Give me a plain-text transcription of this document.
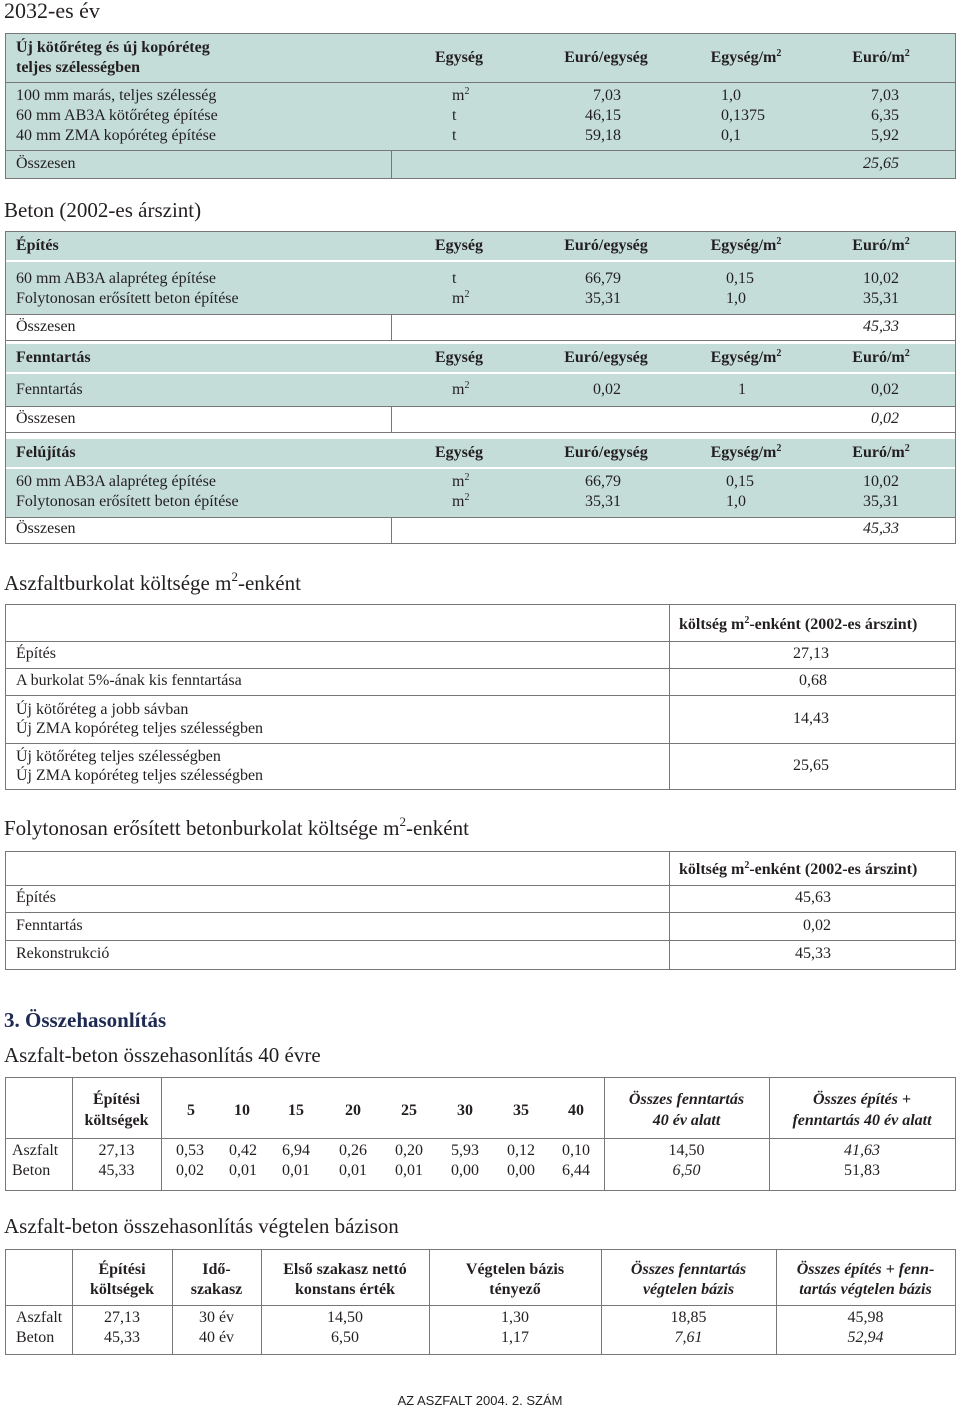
2032-es év
Új kötőréteg és új kopóréteg
teljes szélességben
Egység	Euró/egység	Egység/$m^2$	Euró/$m^2$
100 mm marás, teljes szélesség	$m^2$	7,03	1,0	7,03
60 mm AB3A kötőréteg építése	t	46,15	0,1375	6,35
40 mm ZMA kopóréteg építése	t	59,18	0,1	5,92
Összesen	25,65
Beton (2002-es árszint)
Építés	Egység	Euró/egység	Egység/$m^2$	Euró/$m^2$
60 mm AB3A alapréteg építése	t	66,79	0,15	10,02
Folytonosan erősített beton építése	$m^2$	35,31	1,0	35,31
Összesen	45,33
Fenntartás	Egység	Euró/egység	Egység/$m^2$	Euró/$m^2$
Fenntartás	$m^2$	0,02	1	0,02
Összesen	0,02
Felújítás	Egység	Euró/egység	Egység/$m^2$	Euró/$m^2$
60 mm AB3A alapréteg építése	$m^2$	66,79	0,15	10,02
Folytonosan erősített beton építése	$m^2$	35,31	1,0	35,31
Összesen	45,33
Aszfaltburkolat költsége $m^2$-enként
költség $m^2$-enként (2002-es árszint)
Építés	27,13
A burkolat 5%-ának kis fenntartása	0,68
Új kötőréteg a jobb sávban
Új ZMA kopóréteg teljes szélességben
14,43
Új kötőréteg teljes szélességben
Új ZMA kopóréteg teljes szélességben
25,65
Folytonosan erősített betonburkolat költsége $m^2$-enként
költség $m^2$-enként (2002-es árszint)
Építés	45,63
Fenntartás	0,02
Rekonstrukció	45,33
3. Összehasonlítás
Aszfalt-beton összehasonlítás 40 évre
Építési
költségek
5	10	15	20	25	30	35	40
Összes fenntartás
40 év alatt
Összes építés +
fenntartás 40 év alatt
Aszfalt	27,13	0,53	0,42	6,94	0,26	0,20	5,93	0,12	0,10	14,50	41,63
Beton	45,33	0,02	0,01	0,01	0,01	0,01	0,00	0,00	6,44	6,50	51,83
Aszfalt-beton összehasonlítás végtelen bázison
Építési
költségek
Idő-
szakasz
Első szakasz nettó
konstans érték
Végtelen bázis
tényező
Összes fenntartás
végtelen bázis
Összes építés + fenn-
tartás végtelen bázis
Aszfalt	27,13	30 év	14,50	1,30	18,85	45,98
Beton	45,33	40 év	6,50	1,17	7,61	52,94
AZ ASZFALT 2004. 2. SZÁM
